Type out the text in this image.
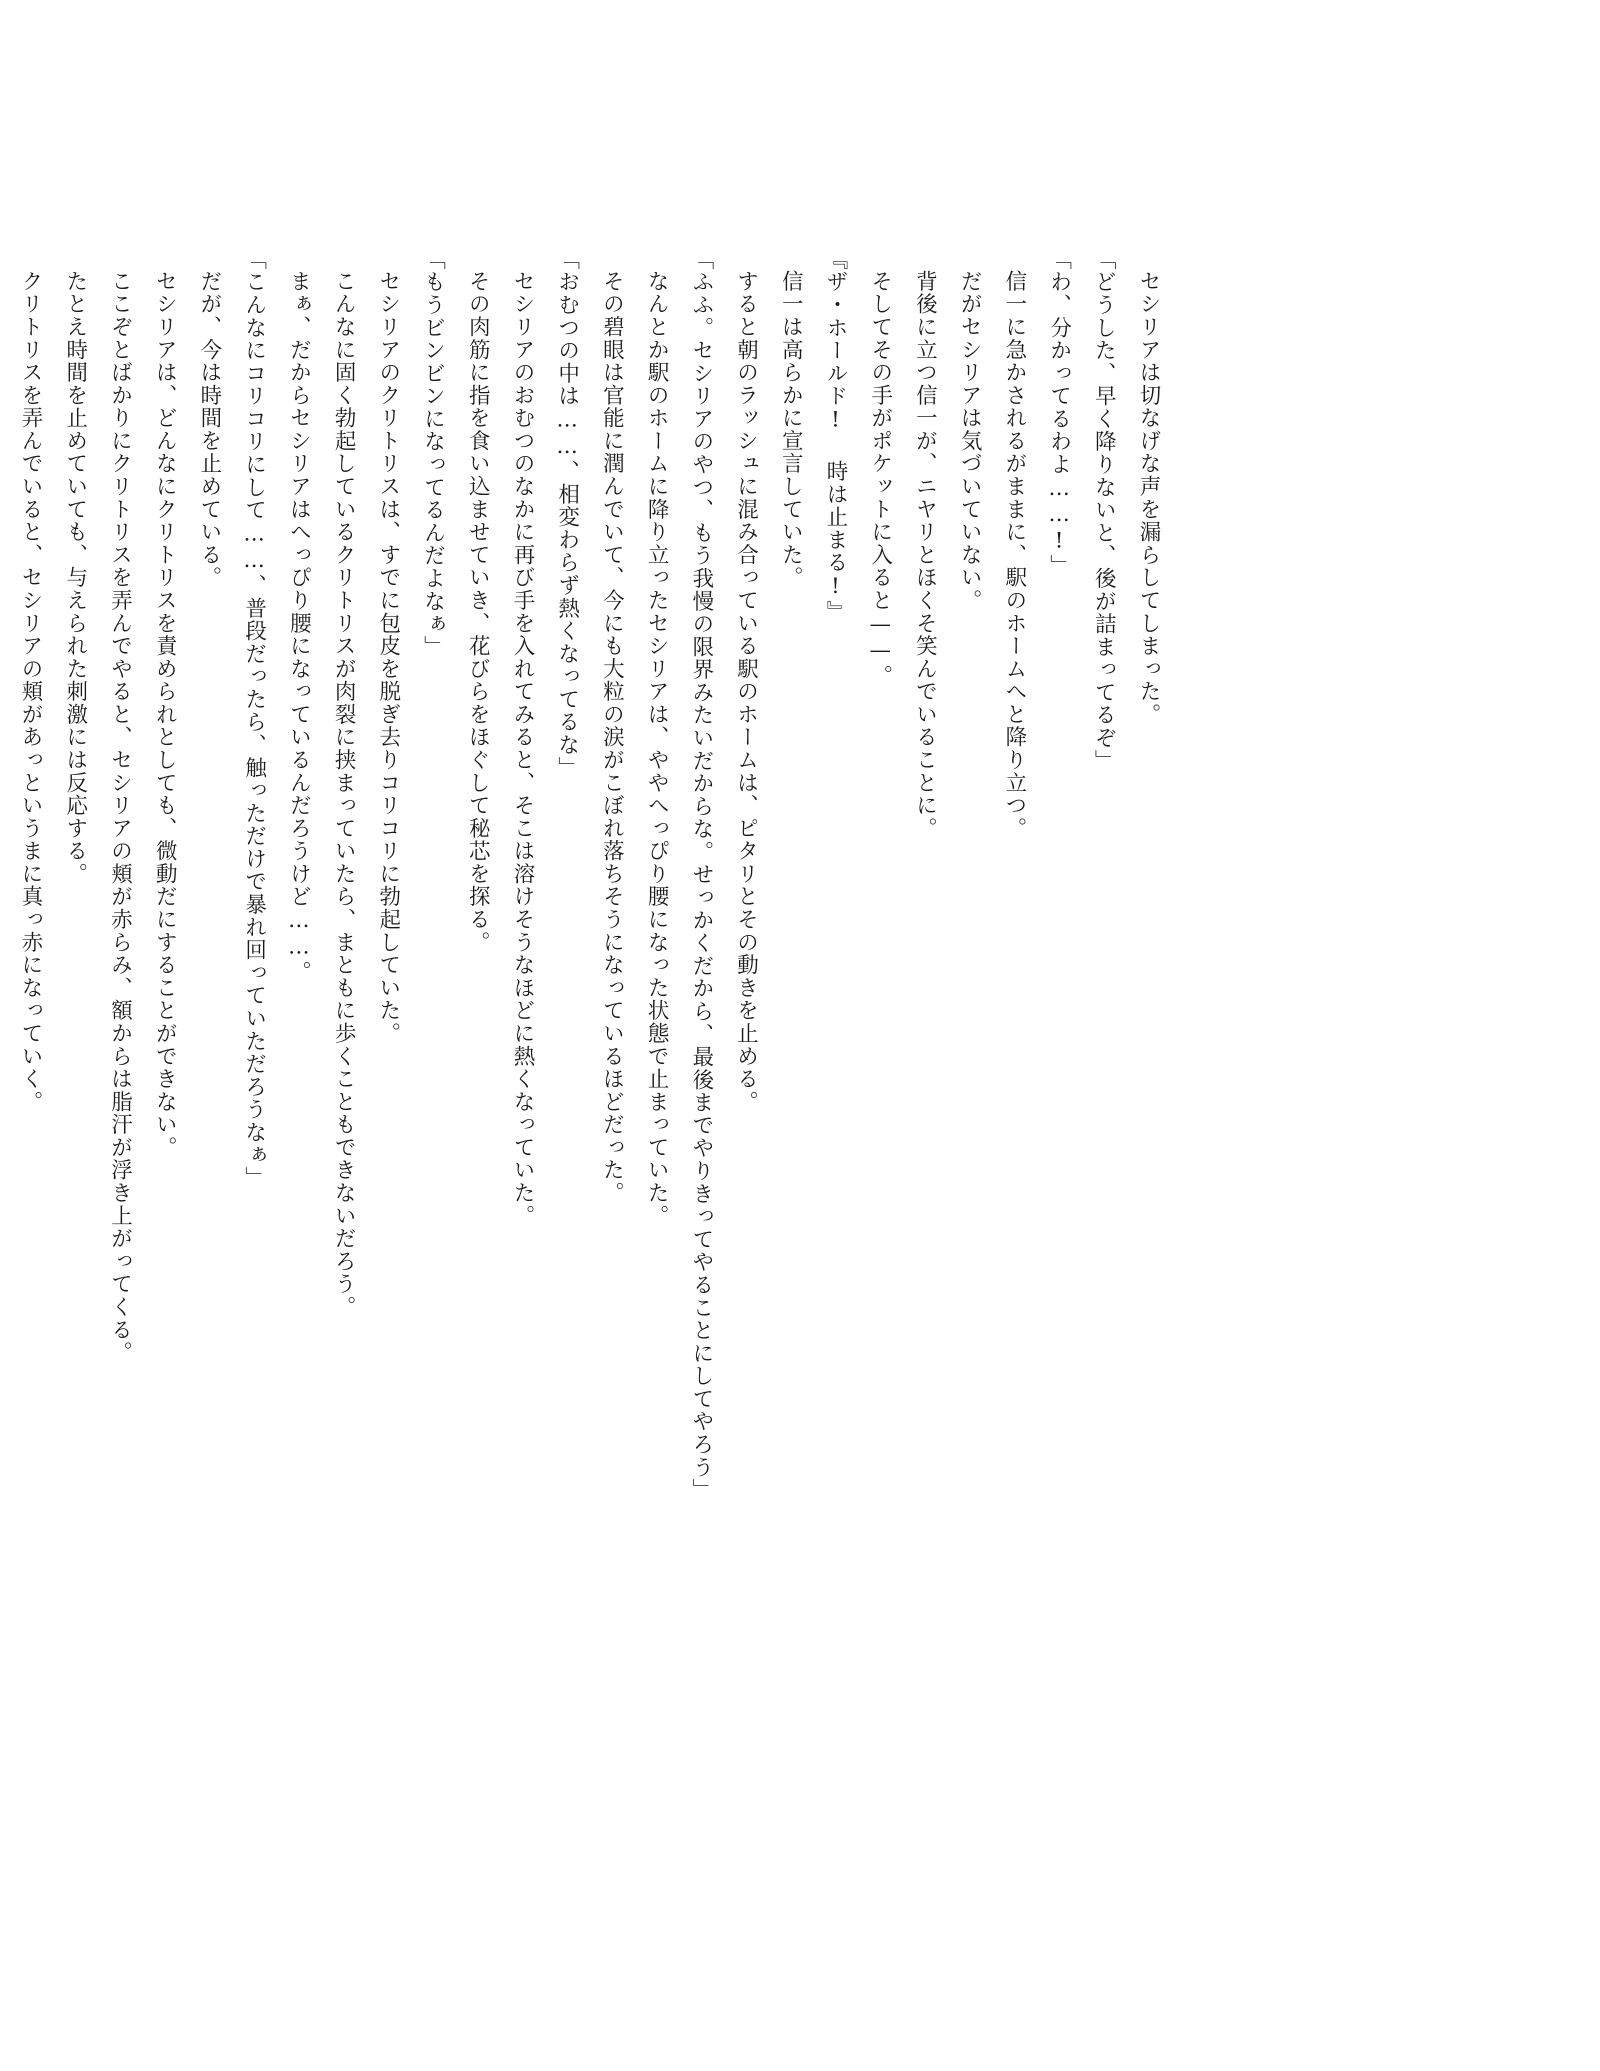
セシリアは切なげな声を漏らしてしまった。

「どうした、早く降りないと、後が詰まってるぞ」

「わ、分かってるわよ……!」

信一に急かされるがままに、駅のホームへと降り立つ。

だがセシリアは気づいていない。

背後に立つ信一が、ニヤリとほくそ笑んでいることに。

そしてその手がポケットに入ると——。

『ザ・ホールド! 時は止まる!』

信一は高らかに宣言していた。

すると朝のラッシュに混み合っている駅のホームは、ピタリとその動きを止める。

「ふふ。セシリアのやつ、もう我慢の限界みたいだからな。せっかくだから、最後までやりきってやることにしてやろう」

なんとか駅のホームに降り立ったセシリアは、ややへっぴり腰になった状態で止まっていた。

その碧眼は官能に潤んでいて、今にも大粒の涙がこぼれ落ちそうになっているほどだった。

「おむつの中は……、相変わらず熱くなってるな」

セシリアのおむつのなかに再び手を入れてみると、そこは溶けそうなほどに熱くなっていた。

その肉筋に指を食い込ませていき、花びらをほぐして秘芯を探る。

「もうビンビンになってるんだよなぁ」

セシリアのクリトリスは、すでに包皮を脱ぎ去りコリコリに勃起していた。

こんなに固く勃起しているクリトリスが肉裂に挟まっていたら、まともに歩くこともできないだろう。

まぁ、だからセシリアはへっぴり腰になっているんだろうけど……。

「こんなにコリコリにして……、普段だったら、触っただけで暴れ回っていただろうなぁ」

だが、今は時間を止めている。

セシリアは、どんなにクリトリスを責められとしても、微動だにすることができない。

ここぞとばかりにクリトリスを弄んでやると、セシリアの頬が赤らみ、額からは脂汗が浮き上がってくる。

たとえ時間を止めていても、与えられた刺激には反応する。

クリトリスを弄んでいると、セシリアの頬があっというまに真っ赤になっていく。
